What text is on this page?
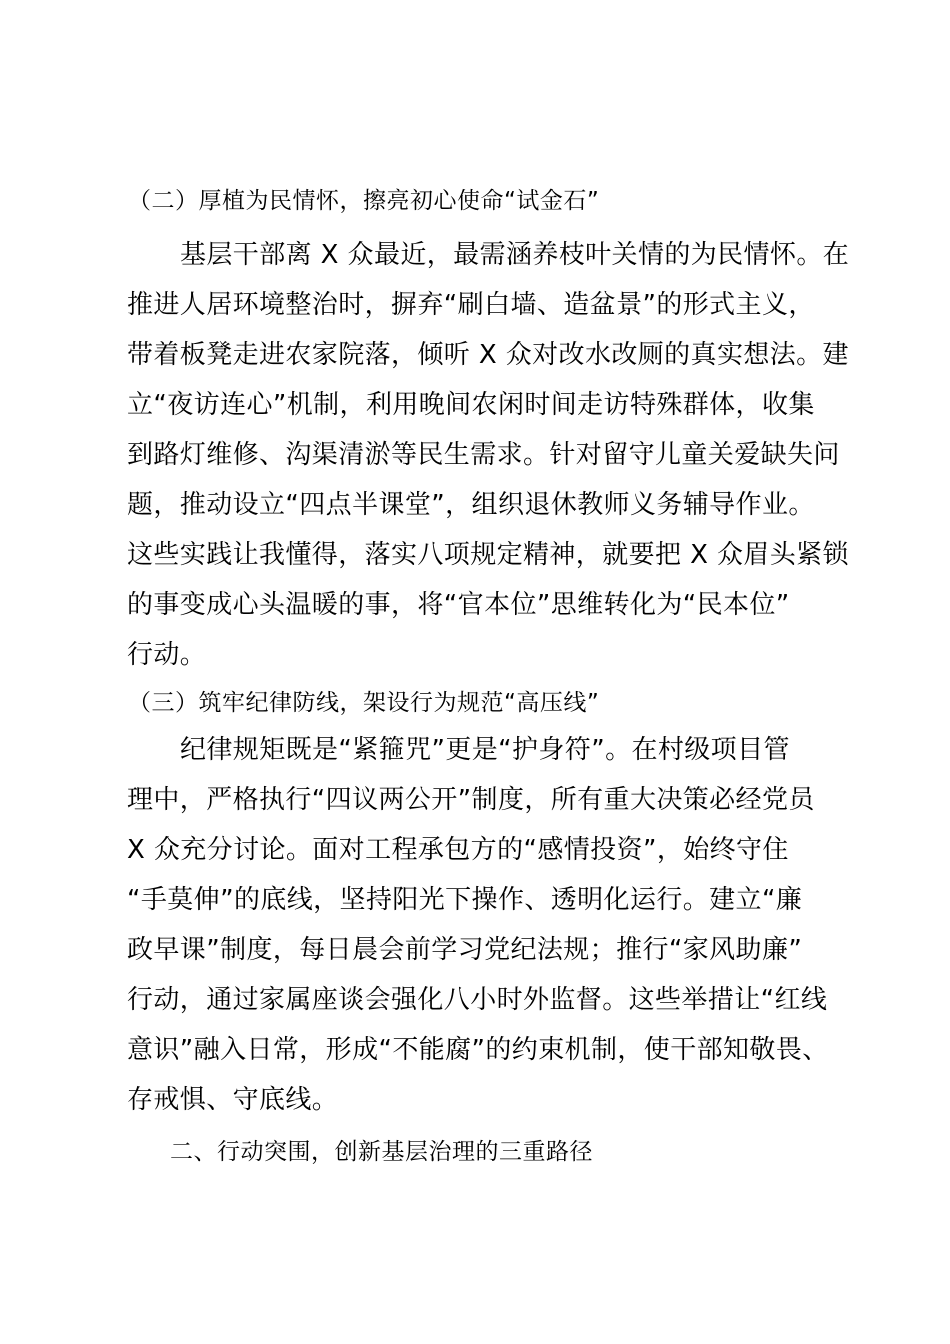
（二）厚植为民情怀，擦亮初心使命“试金石”
基层干部离 X 众最近，最需涵养枝叶关情的为民情怀。在
推进人居环境整治时，摒弃“刷白墙、造盆景”的形式主义，
带着板凳走进农家院落，倾听 X 众对改水改厕的真实想法。建
立“夜访连心”机制，利用晚间农闲时间走访特殊群体，收集
到路灯维修、沟渠清淤等民生需求。针对留守儿童关爱缺失问
题，推动设立“四点半课堂”，组织退休教师义务辅导作业。
这些实践让我懂得，落实八项规定精神，就要把 X 众眉头紧锁
的事变成心头温暖的事，将“官本位”思维转化为“民本位”
行动。
（三）筑牢纪律防线，架设行为规范“高压线”
纪律规矩既是“紧箍咒”更是“护身符”。在村级项目管
理中，严格执行“四议两公开”制度，所有重大决策必经党员
X 众充分讨论。面对工程承包方的“感情投资”，始终守住
“手莫伸”的底线，坚持阳光下操作、透明化运行。建立“廉
政早课”制度，每日晨会前学习党纪法规；推行“家风助廉”
行动，通过家属座谈会强化八小时外监督。这些举措让“红线
意识”融入日常，形成“不能腐”的约束机制，使干部知敬畏、
存戒惧、守底线。
二、行动突围，创新基层治理的三重路径
